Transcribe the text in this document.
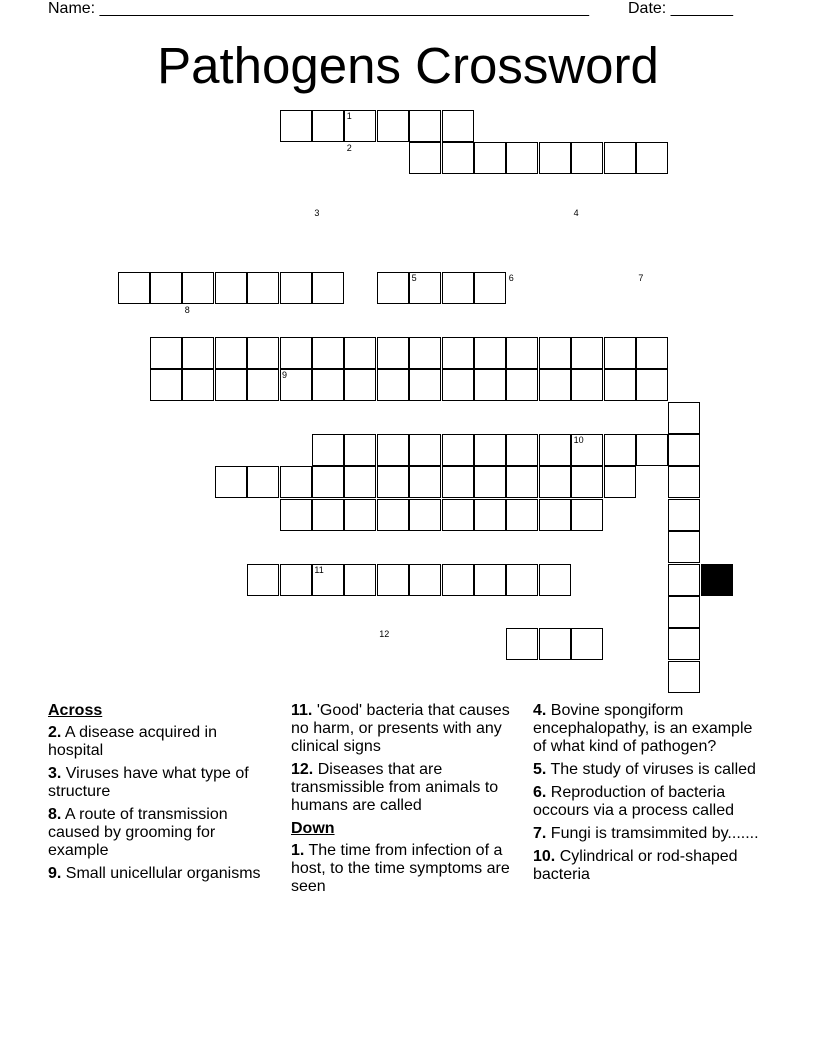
Name: _______________________________________________________ Date: _______
Pathogens Crossword
1
2
3	4
5	6	7
8
9
10
11
12
Across
2. A disease acquired in hospital
3. Viruses have what type of structure
8. A route of transmission caused by grooming for example
9. Small unicellular organisms
11. 'Good' bacteria that causes no harm, or presents with any clinical signs
12. Diseases that are transmissible from animals to humans are called
Down
1. The time from infection of a host, to the time symptoms are seen
4. Bovine spongiform encephalopathy, is an example of what kind of pathogen?
5. The study of viruses is called
6. Reproduction of bacteria occours via a process called
7. Fungi is tramsimmited by.......
10. Cylindrical or rod-shaped bacteria
